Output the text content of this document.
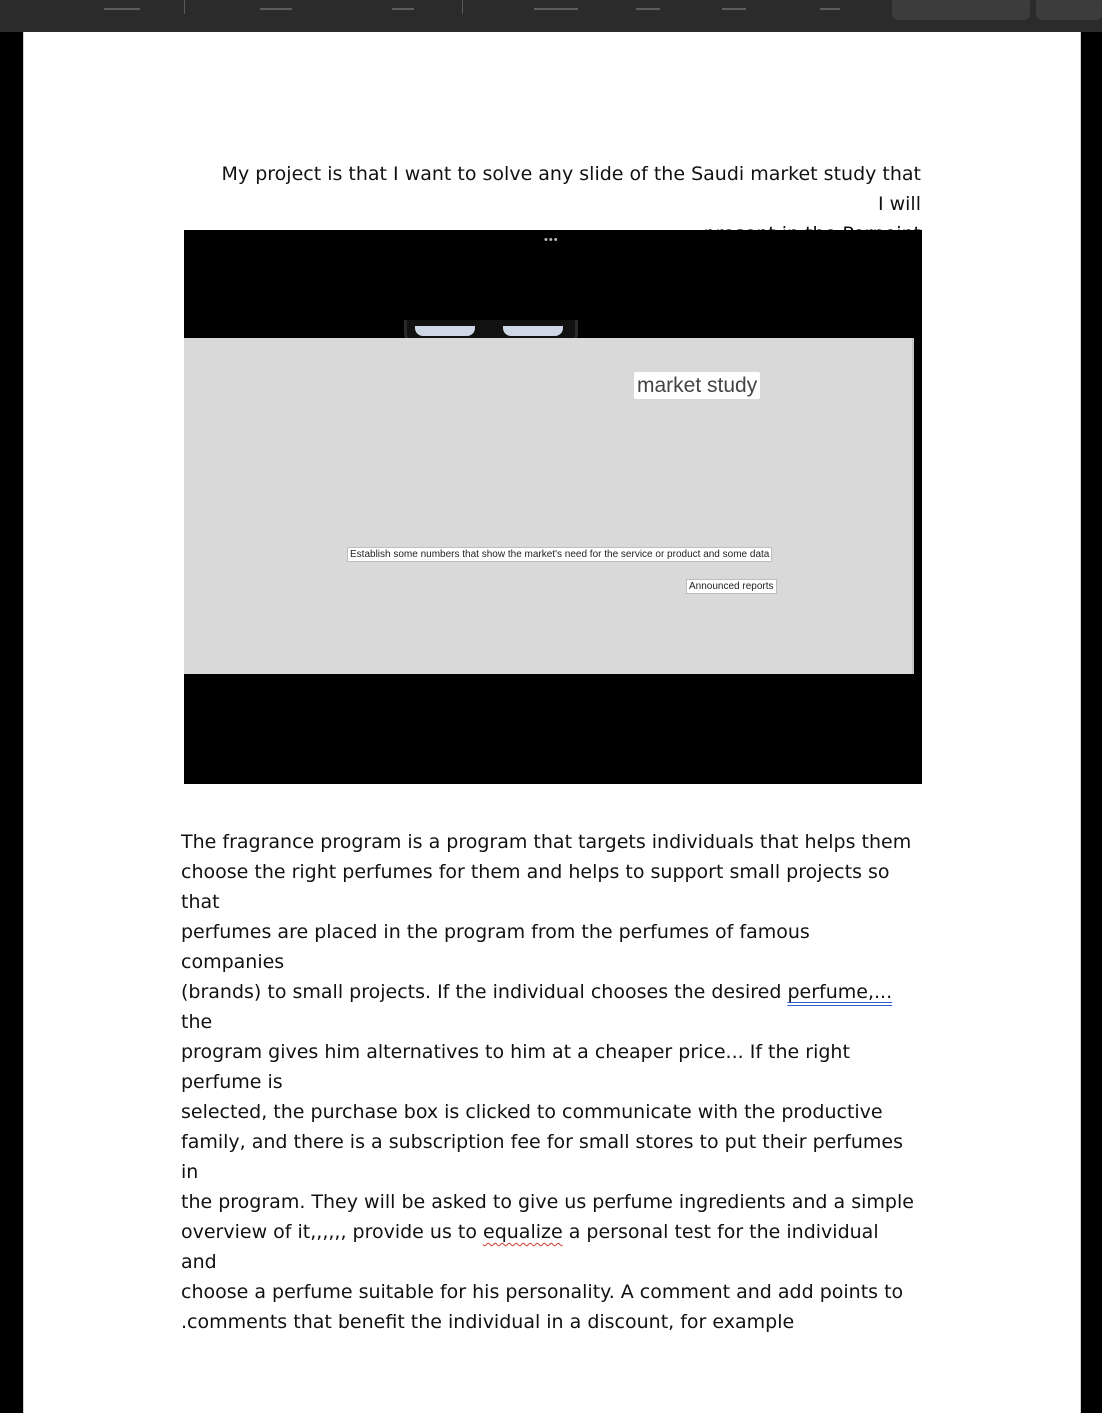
My project is that I want to solve any slide of the Saudi market study that I will
•••
market study
Establish some numbers that show the market's need for the service or product and some data
Announced reports

The fragrance program is a program that targets individuals that helps them

choose the right perfumes for them and helps to support small projects so that

perfumes are placed in the program from the perfumes of famous companies

(brands) to small projects. If the individual chooses the desired perfume,... the

program gives him alternatives to him at a cheaper price... If the right perfume is

selected, the purchase box is clicked to communicate with the productive

family, and there is a subscription fee for small stores to put their perfumes in

the program. They will be asked to give us perfume ingredients and a simple

overview of it,,,,,, provide us to equalize a personal test for the individual and

choose a perfume suitable for his personality. A comment and add points to

.comments that benefit the individual in a discount, for example
